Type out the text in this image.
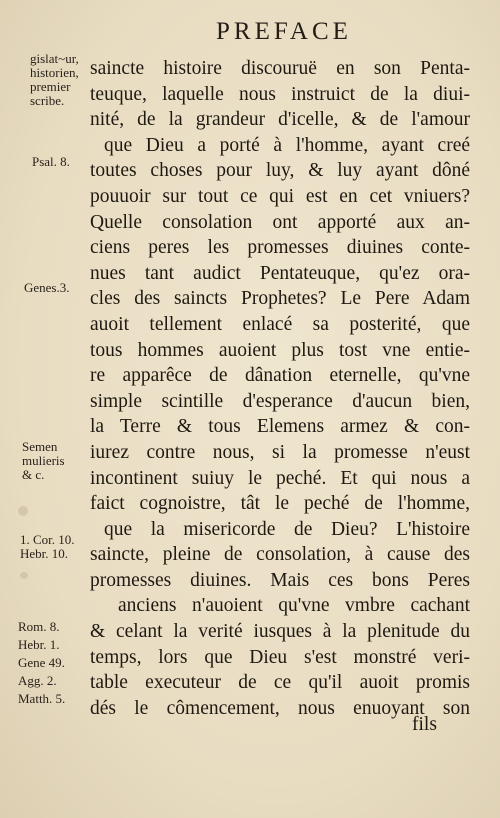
PREFACE
gislat~ur,
historien,
premier
scribe.
Psal. 8.
Genes.3.
Semen
mulieris
& c.
1. Cor. 10.
Hebr. 10.
Rom. 8.
Hebr. 1.
Gene 49.
Agg. 2.
Matth. 5.
saincte histoire discouruë en son Penta-
teuque, laquelle nous instruict de la diui-
nité, de la grandeur d'icelle, & de l'amour
que Dieu a porté à l'homme, ayant creé
toutes choses pour luy, & luy ayant dôné
pouuoir sur tout ce qui est en cet vniuers?
Quelle consolation ont apporté aux an-
ciens peres les promesses diuines conte-
nues tant audict Pentateuque, qu'ez ora-
cles des saincts Prophetes? Le Pere Adam
auoit tellement enlacé sa posterité, que
tous hommes auoient plus tost vne entie-
re apparêce de dânation eternelle, qu'vne
simple scintille d'esperance d'aucun bien,
la Terre & tous Elemens armez & con-
iurez contre nous, si la promesse n'eust
incontinent suiuy le peché. Et qui nous a
faict cognoistre, tât le peché de l'homme,
que la misericorde de Dieu? L'histoire
saincte, pleine de consolation, à cause des
promesses diuines. Mais ces bons Peres
anciens n'auoient qu'vne vmbre cachant
& celant la verité iusques à la plenitude du
temps, lors que Dieu s'est monstré veri-
table executeur de ce qu'il auoit promis
dés le cômencement, nous enuoyant son
fils
